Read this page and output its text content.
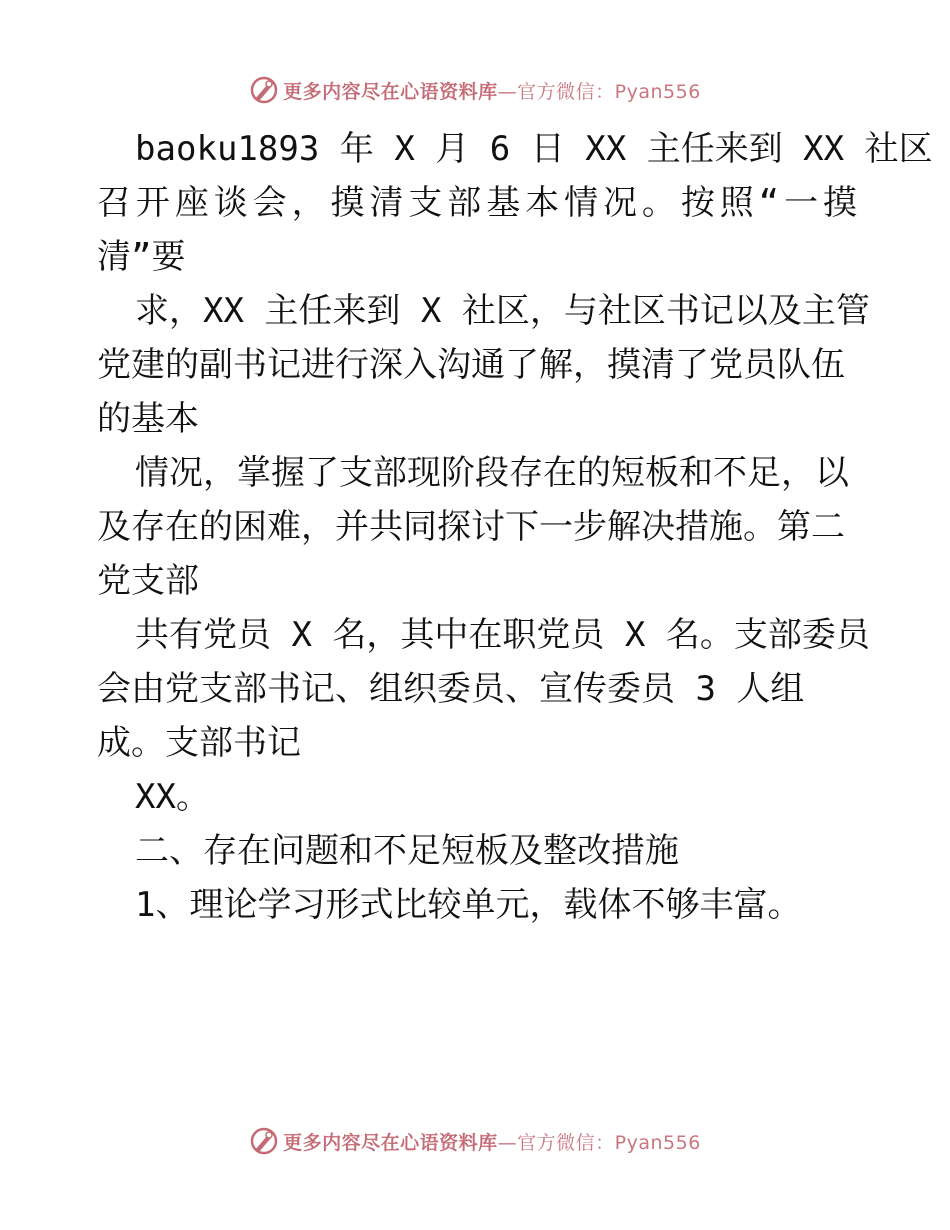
更多内容尽在心语资料库—官方微信：Pyan556
b a o k u 1 8 9 3
年
X
月
6
日
X X
主 任 来 到
X X
社 区
召 开 座 谈 会 ， 摸 清 支 部 基 本 情 况 。 按 照 “ 一 摸
清”要
求，XX 主任来到 X 社区，与社区书记以及主管
党建的副书记进行深入沟通了解，摸清了党员队伍
的基本
情况，掌握了支部现阶段存在的短板和不足，以
及存在的困难，并共同探讨下一步解决措施。第二
党支部
共有党员 X 名，其中在职党员 X 名。支部委员
会由党支部书记、组织委员、宣传委员 3 人组
成。支部书记
XX。
二、存在问题和不足短板及整改措施
1、理论学习形式比较单元，载体不够丰富。
更多内容尽在心语资料库—官方微信：Pyan556
